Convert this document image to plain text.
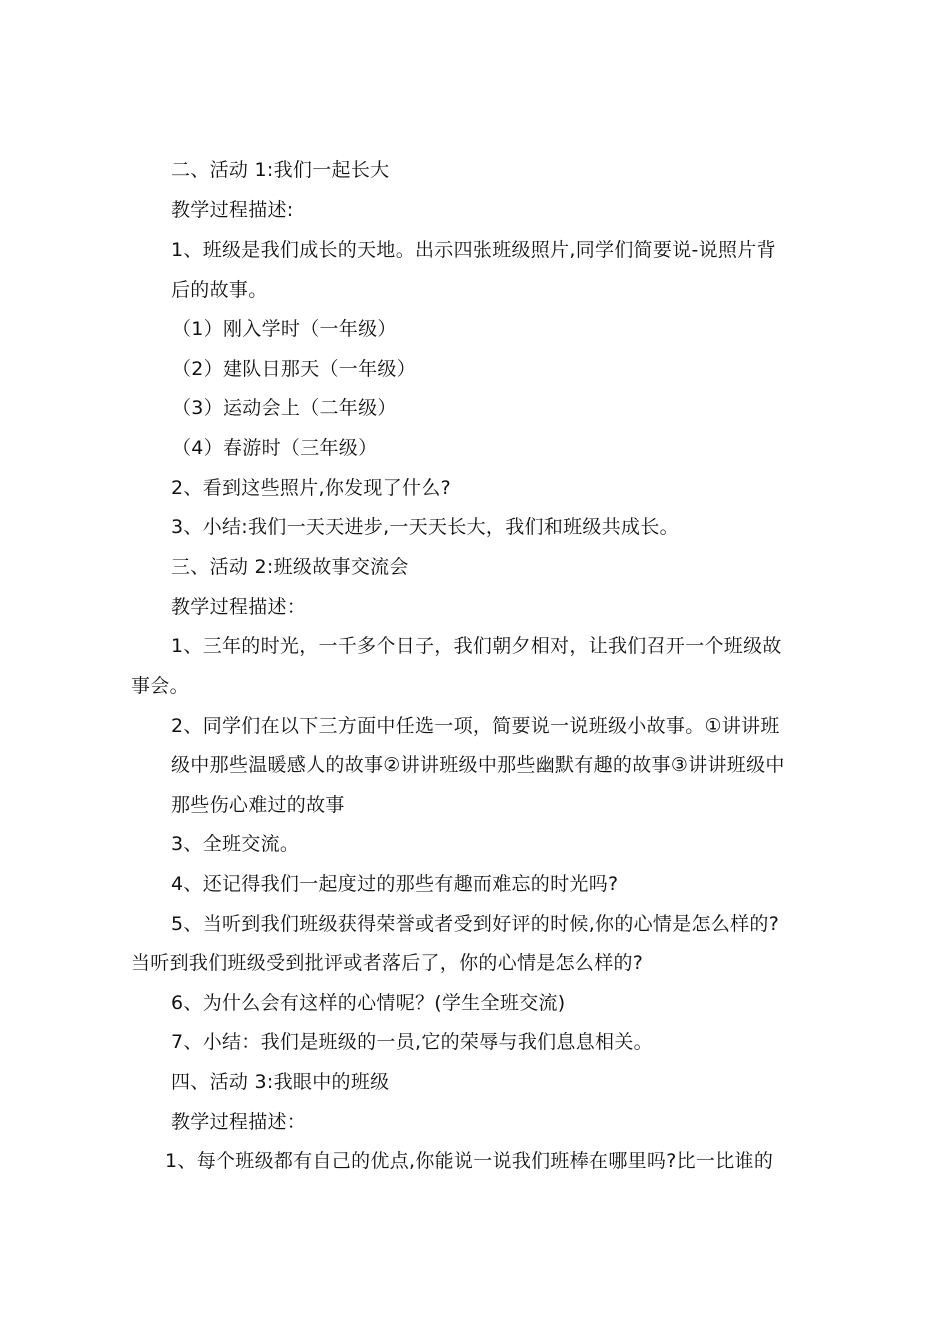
二、活动 1:我们一起长大
教学过程描述:
1、班级是我们成长的天地。出示四张班级照片,同学们简要说-说照片背
后的故事。
（1）刚入学时（一年级）
（2）建队日那天（一年级）
（3）运动会上（二年级）
（4）春游时（三年级）
2、看到这些照片,你发现了什么?
3、小结:我们一天天进步,一天天长大，我们和班级共成长。
三、活动 2:班级故事交流会
教学过程描述：
1、三年的时光，一千多个日子，我们朝夕相对，让我们召开一个班级故
事会。
2、同学们在以下三方面中任选一项，简要说一说班级小故事。①讲讲班
级中那些温暖感人的故事②讲讲班级中那些幽默有趣的故事③讲讲班级中
那些伤心难过的故事
3、全班交流。
4、还记得我们一起度过的那些有趣而难忘的时光吗?
5、当听到我们班级获得荣誉或者受到好评的时候,你的心情是怎么样的?
当听到我们班级受到批评或者落后了，你的心情是怎么样的?
6、为什么会有这样的心情呢？(学生全班交流)
7、小结：我们是班级的一员,它的荣辱与我们息息相关。
四、活动 3:我眼中的班级
教学过程描述：
1、每个班级都有自己的优点,你能说一说我们班棒在哪里吗?比一比谁的
